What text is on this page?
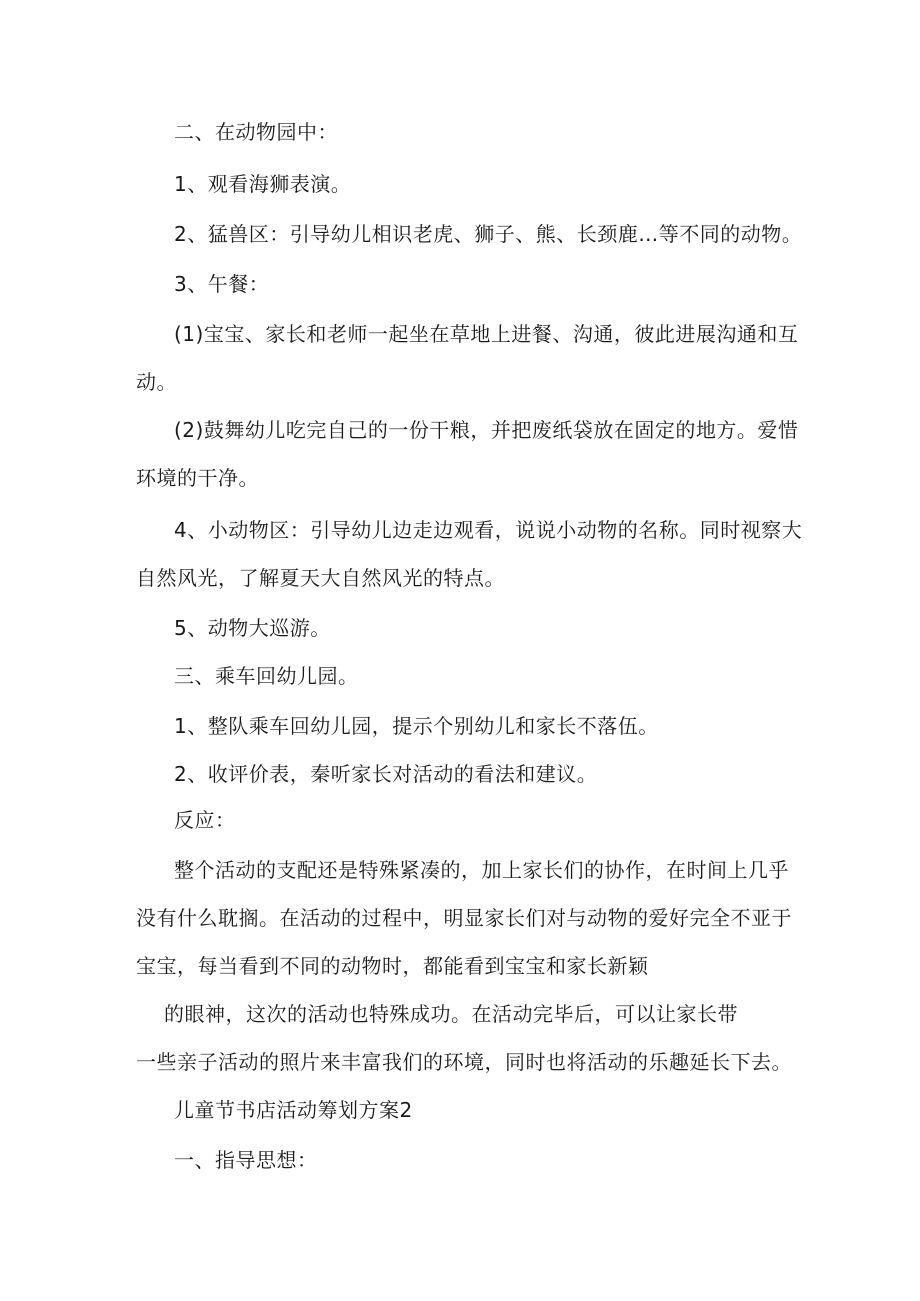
二、在动物园中：
1、观看海狮表演。
2、猛兽区：引导幼儿相识老虎、狮子、熊、长颈鹿…等不同的动物。
3、午餐：
(1)宝宝、家长和老师一起坐在草地上进餐、沟通，彼此进展沟通和互
动。
(2)鼓舞幼儿吃完自己的一份干粮，并把废纸袋放在固定的地方。爱惜
环境的干净。
4、小动物区：引导幼儿边走边观看，说说小动物的名称。同时视察大
自然风光，了解夏天大自然风光的特点。
5、动物大巡游。
三、乘车回幼儿园。
1、整队乘车回幼儿园，提示个别幼儿和家长不落伍。
2、收评价表，秦听家长对活动的看法和建议。
反应：
整个活动的支配还是特殊紧凑的，加上家长们的协作，在时间上几乎
没有什么耽搁。在活动的过程中，明显家长们对与动物的爱好完全不亚于
宝宝，每当看到不同的动物时，都能看到宝宝和家长新颖
的眼神，这次的活动也特殊成功。在活动完毕后，可以让家长带
一些亲子活动的照片来丰富我们的环境，同时也将活动的乐趣延长下去。
儿童节书店活动筹划方案2
一、指导思想：
